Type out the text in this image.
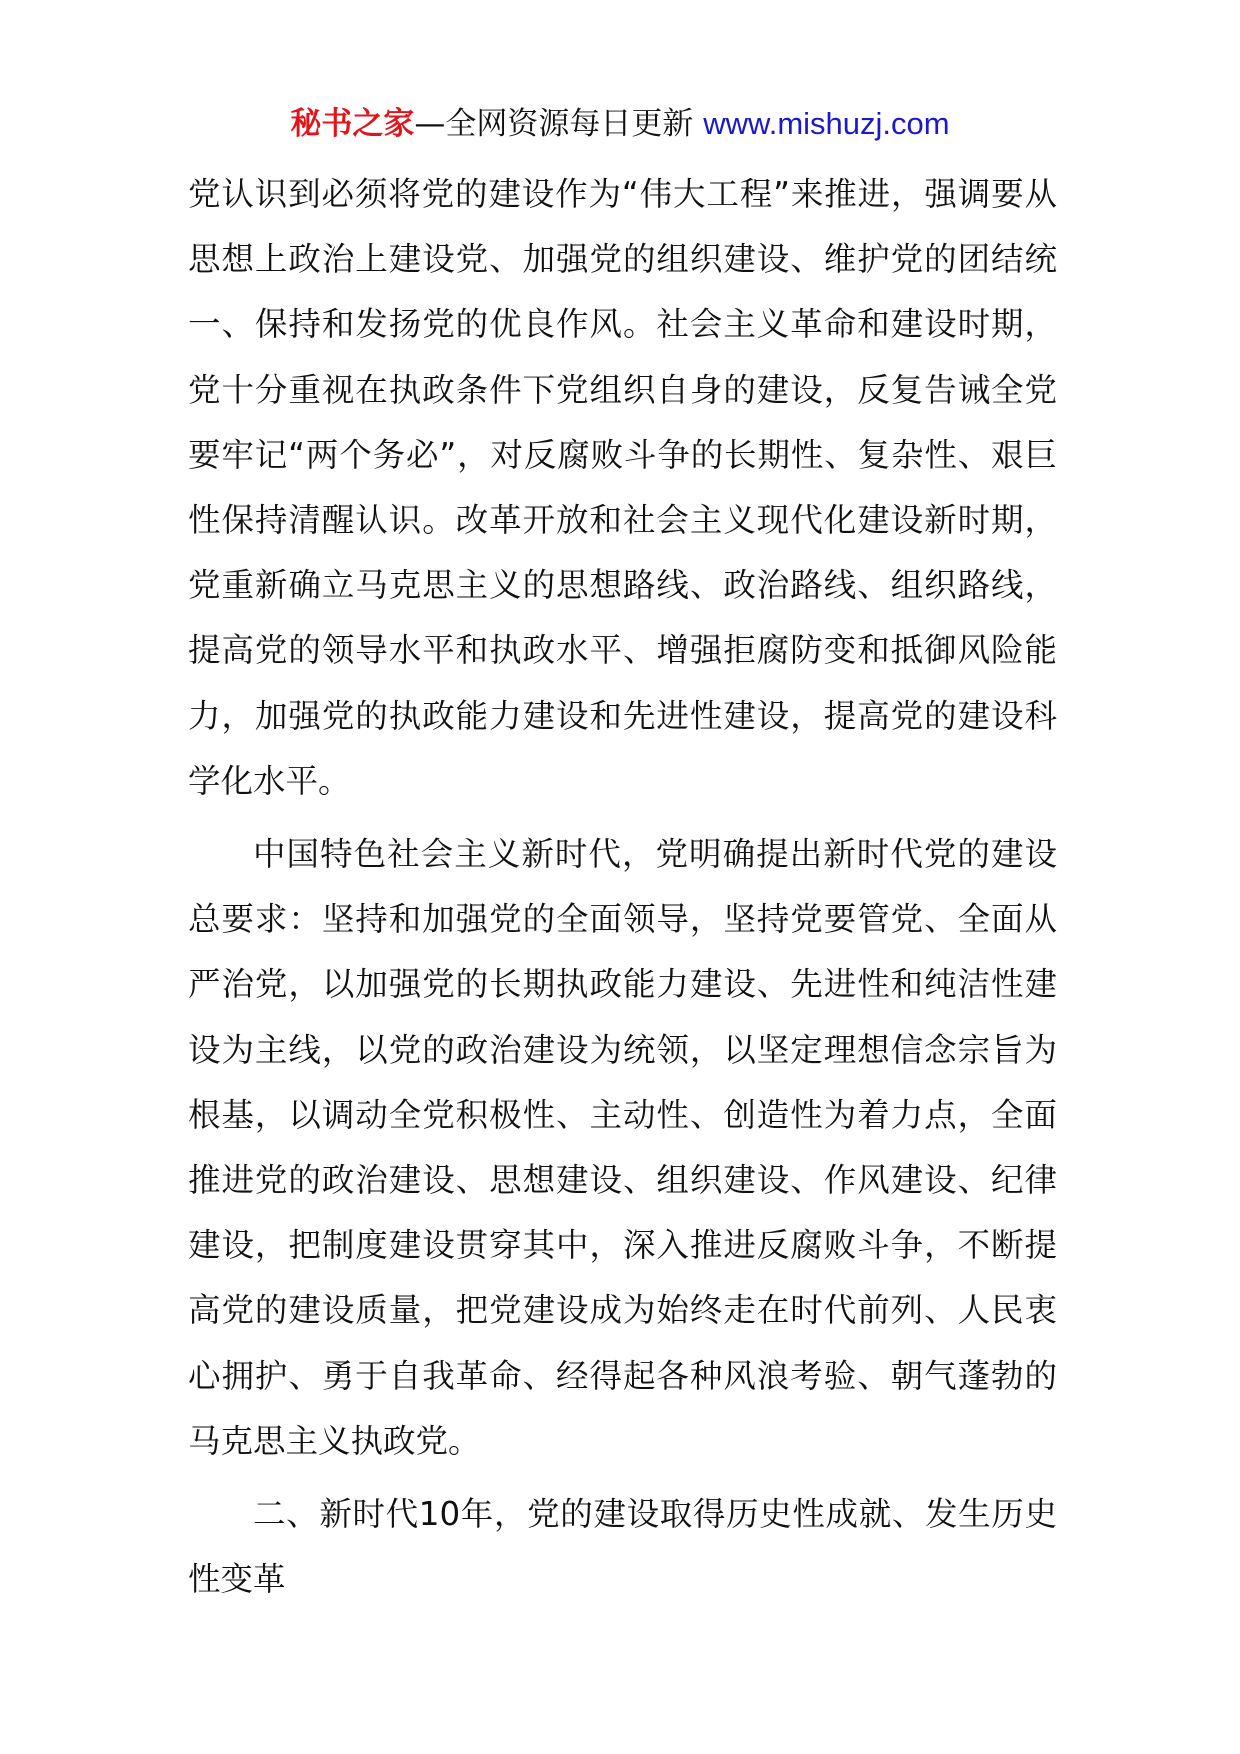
秘书之家—全网资源每日更新 www.mishuzj.com

党认识到必须将党的建设作为“伟大工程”来推进，强调要从思想上政治上建设党、加强党的组织建设、维护党的团结统一、保持和发扬党的优良作风。社会主义革命和建设时期，党十分重视在执政条件下党组织自身的建设，反复告诫全党要牢记“两个务必”，对反腐败斗争的长期性、复杂性、艰巨性保持清醒认识。改革开放和社会主义现代化建设新时期，党重新确立马克思主义的思想路线、政治路线、组织路线，提高党的领导水平和执政水平、增强拒腐防变和抵御风险能力，加强党的执政能力建设和先进性建设，提高党的建设科学化水平。

中国特色社会主义新时代，党明确提出新时代党的建设总要求：坚持和加强党的全面领导，坚持党要管党、全面从严治党，以加强党的长期执政能力建设、先进性和纯洁性建设为主线，以党的政治建设为统领，以坚定理想信念宗旨为根基，以调动全党积极性、主动性、创造性为着力点，全面推进党的政治建设、思想建设、组织建设、作风建设、纪律建设，把制度建设贯穿其中，深入推进反腐败斗争，不断提高党的建设质量，把党建设成为始终走在时代前列、人民衷心拥护、勇于自我革命、经得起各种风浪考验、朝气蓬勃的马克思主义执政党。

二、新时代10年，党的建设取得历史性成就、发生历史性变革
